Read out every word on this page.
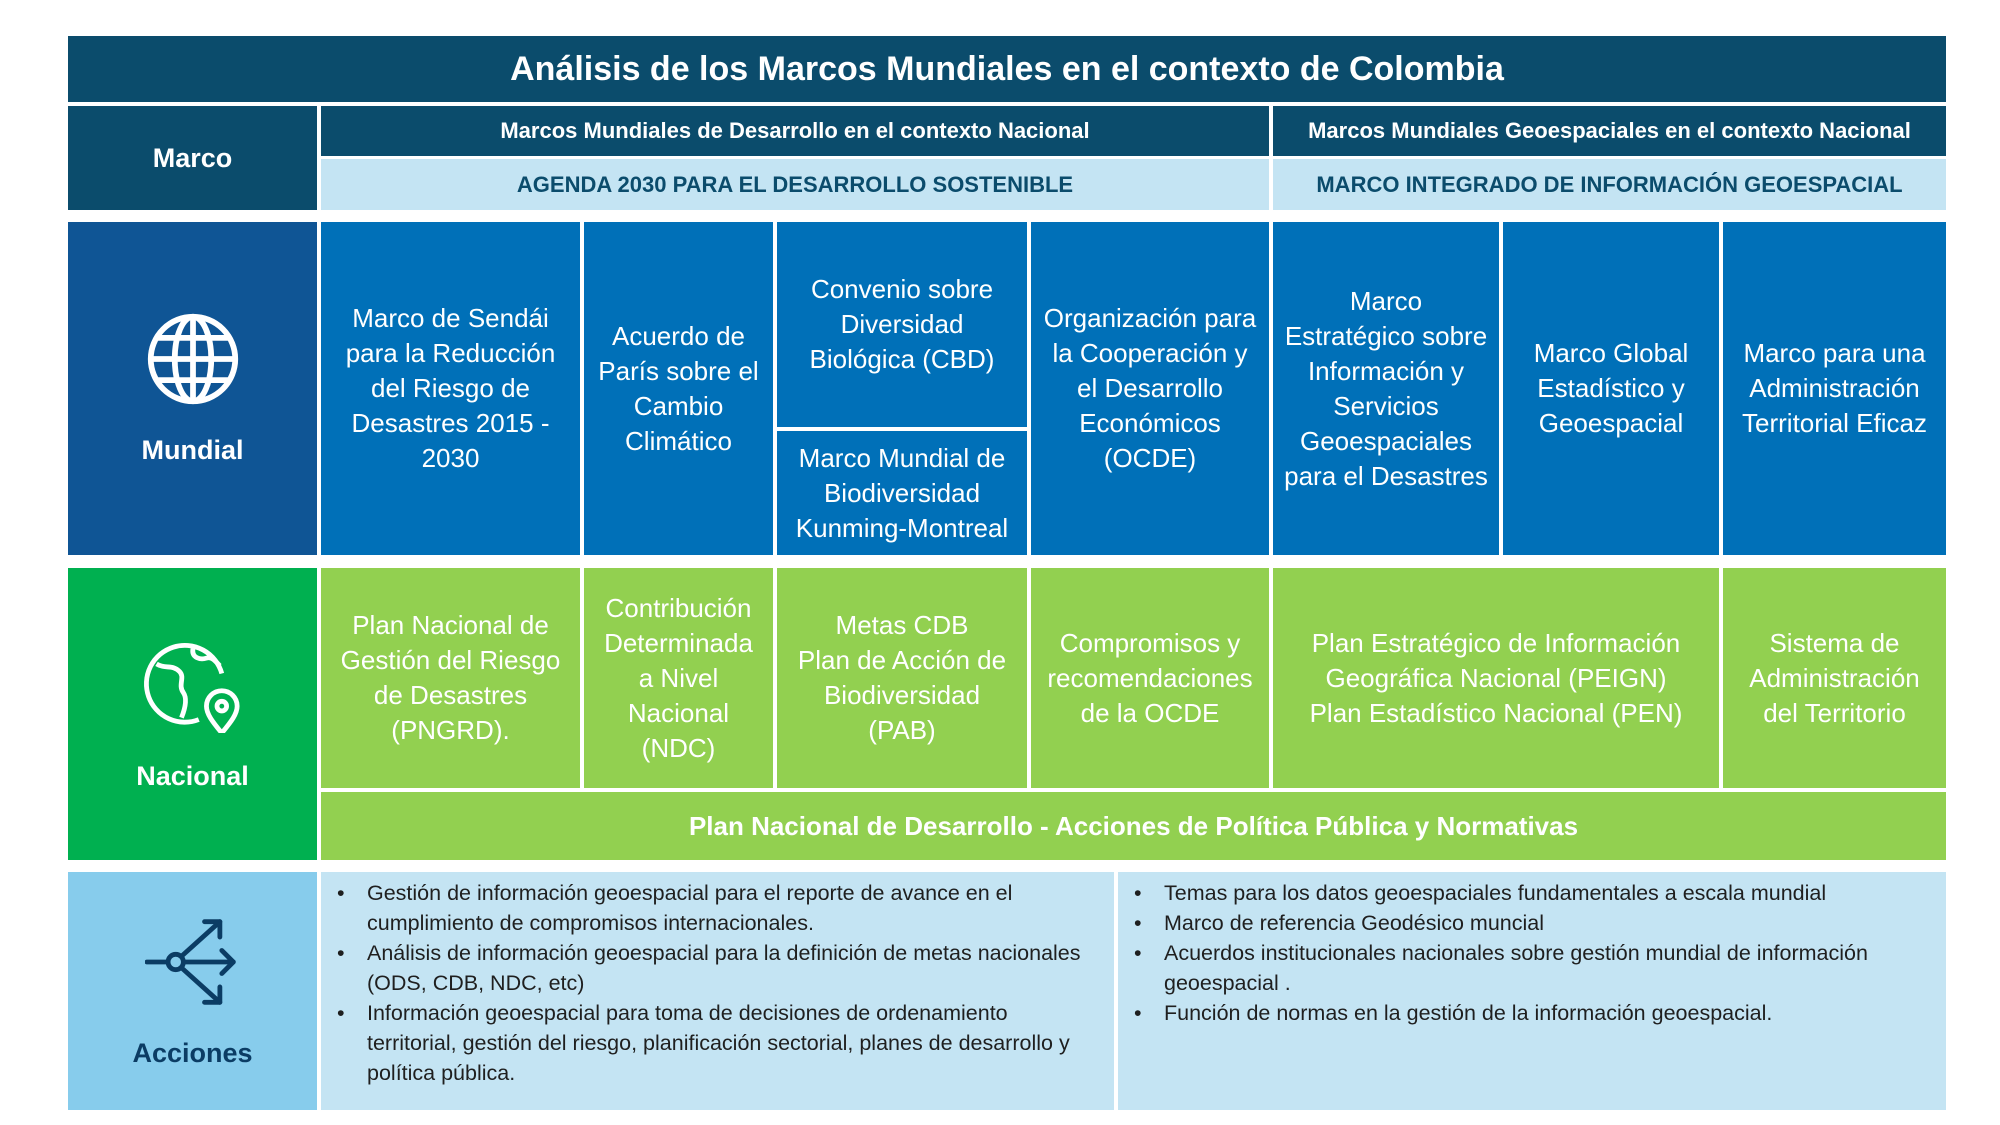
Análisis de los Marcos Mundiales en el contexto de Colombia
Marco
Marcos Mundiales de Desarrollo en el contexto Nacional	Marcos Mundiales Geoespaciales en el contexto Nacional
AGENDA 2030 PARA EL DESARROLLO SOSTENIBLE	MARCO INTEGRADO DE INFORMACIÓN GEOESPACIAL
Mundial
Marco de Sendái para la Reducción del Riesgo de Desastres 2015 - 2030
Acuerdo de París sobre el Cambio Climático
Convenio sobre Diversidad Biológica (CBD)
Marco Mundial de Biodiversidad Kunming-Montreal
Organización para la Cooperación y el Desarrollo Económicos (OCDE)
Marco Estratégico sobre Información y Servicios Geoespaciales para el Desastres
Marco Global Estadístico y Geoespacial
Marco para una Administración Territorial Eficaz
Nacional
Plan Nacional de Gestión del Riesgo de Desastres (PNGRD).
Contribución Determinada a Nivel Nacional (NDC)
Metas CDB
Plan de Acción de Biodiversidad (PAB)
Compromisos y recomendaciones de la OCDE
Plan Estratégico de Información Geográfica Nacional (PEIGN)
Plan Estadístico Nacional (PEN)
Sistema de Administración del Territorio
Plan Nacional de Desarrollo - Acciones de Política Pública y Normativas
Acciones
• Gestión de información geoespacial para el reporte de avance en el cumplimiento de compromisos internacionales.
• Análisis de información geoespacial para la definición de metas nacionales (ODS, CDB, NDC, etc)
• Información geoespacial para toma de decisiones de ordenamiento territorial, gestión del riesgo, planificación sectorial, planes de desarrollo y política pública.
• Temas para los datos geoespaciales fundamentales a escala mundial
• Marco de referencia Geodésico muncial
• Acuerdos institucionales nacionales sobre gestión mundial de información geoespacial .
• Función de normas en la gestión de la información geoespacial.
